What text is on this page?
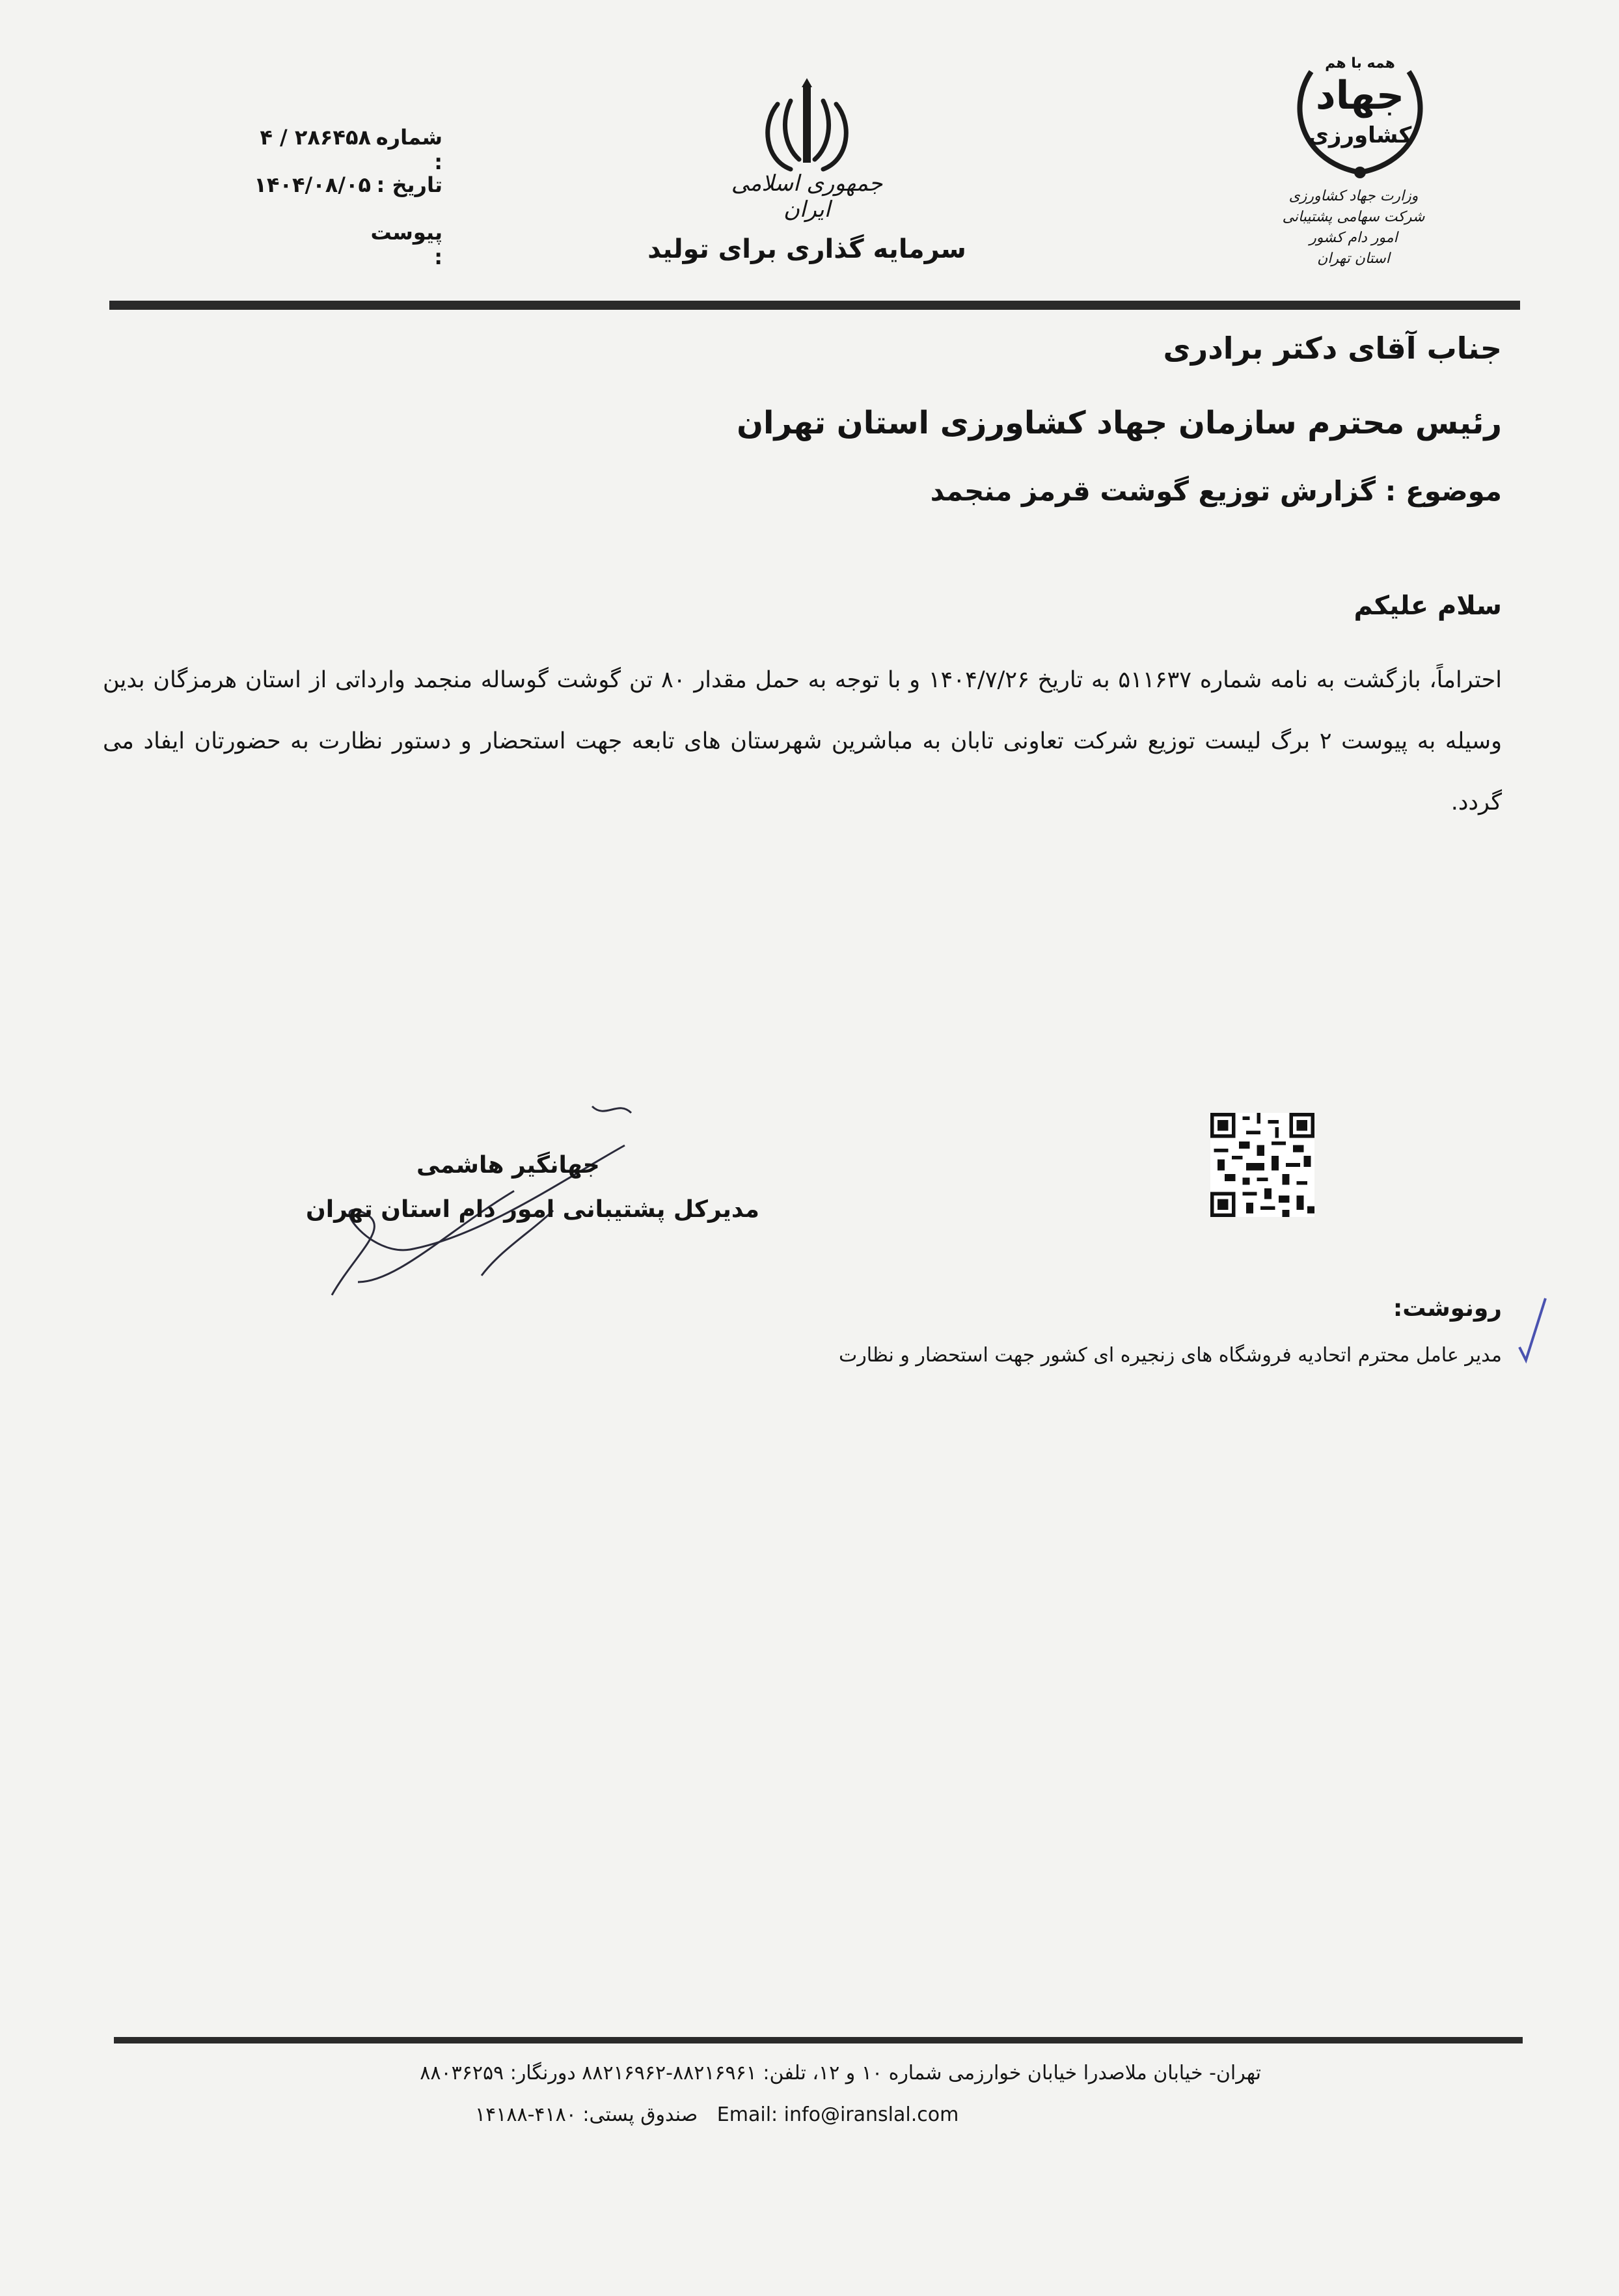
جمهوری اسلامی ایران
سرمایه گذاری برای تولید
همه با هم
جهاد
کشاورزی
وزارت جهاد کشاورزی
شرکت سهامی پشتیبانی امور دام کشور
استان تهران
شماره :
۴ / ۲۸۶۴۵۸
تاریخ :
۱۴۰۴/۰۸/۰۵
پیوست :
جناب آقای دکتر برادری
رئیس محترم سازمان جهاد کشاورزی استان تهران
موضوع : گزارش توزیع گوشت قرمز منجمد
سلام علیکم
احتراماً، بازگشت به نامه شماره ۵۱۱۶۳۷ به تاریخ ۱۴۰۴/۷/۲۶ و با توجه به حمل مقدار ۸۰ تن گوشت گوساله منجمد وارداتی از استان هرمزگان بدین وسیله به پیوست ۲ برگ لیست توزیع شرکت تعاونی تابان به مباشرین شهرستان های تابعه جهت استحضار و دستور نظارت به حضورتان ایفاد می گردد.
جهانگیر هاشمی
مدیرکل پشتیبانی امور دام استان تهران
رونوشت:
مدیر عامل محترم اتحادیه فروشگاه های زنجیره ای کشور جهت استحضار و نظارت
تهران- خیابان ملاصدرا خیابان خوارزمی شماره ۱۰ و ۱۲، تلفن: ۸۸۲۱۶۹۶۱-۸۸۲۱۶۹۶۲ دورنگار: ۸۸۰۳۶۲۵۹
۱۴۱۸۸-۴۱۸۰ :صندوق پستی Email: info@iranslal.com
